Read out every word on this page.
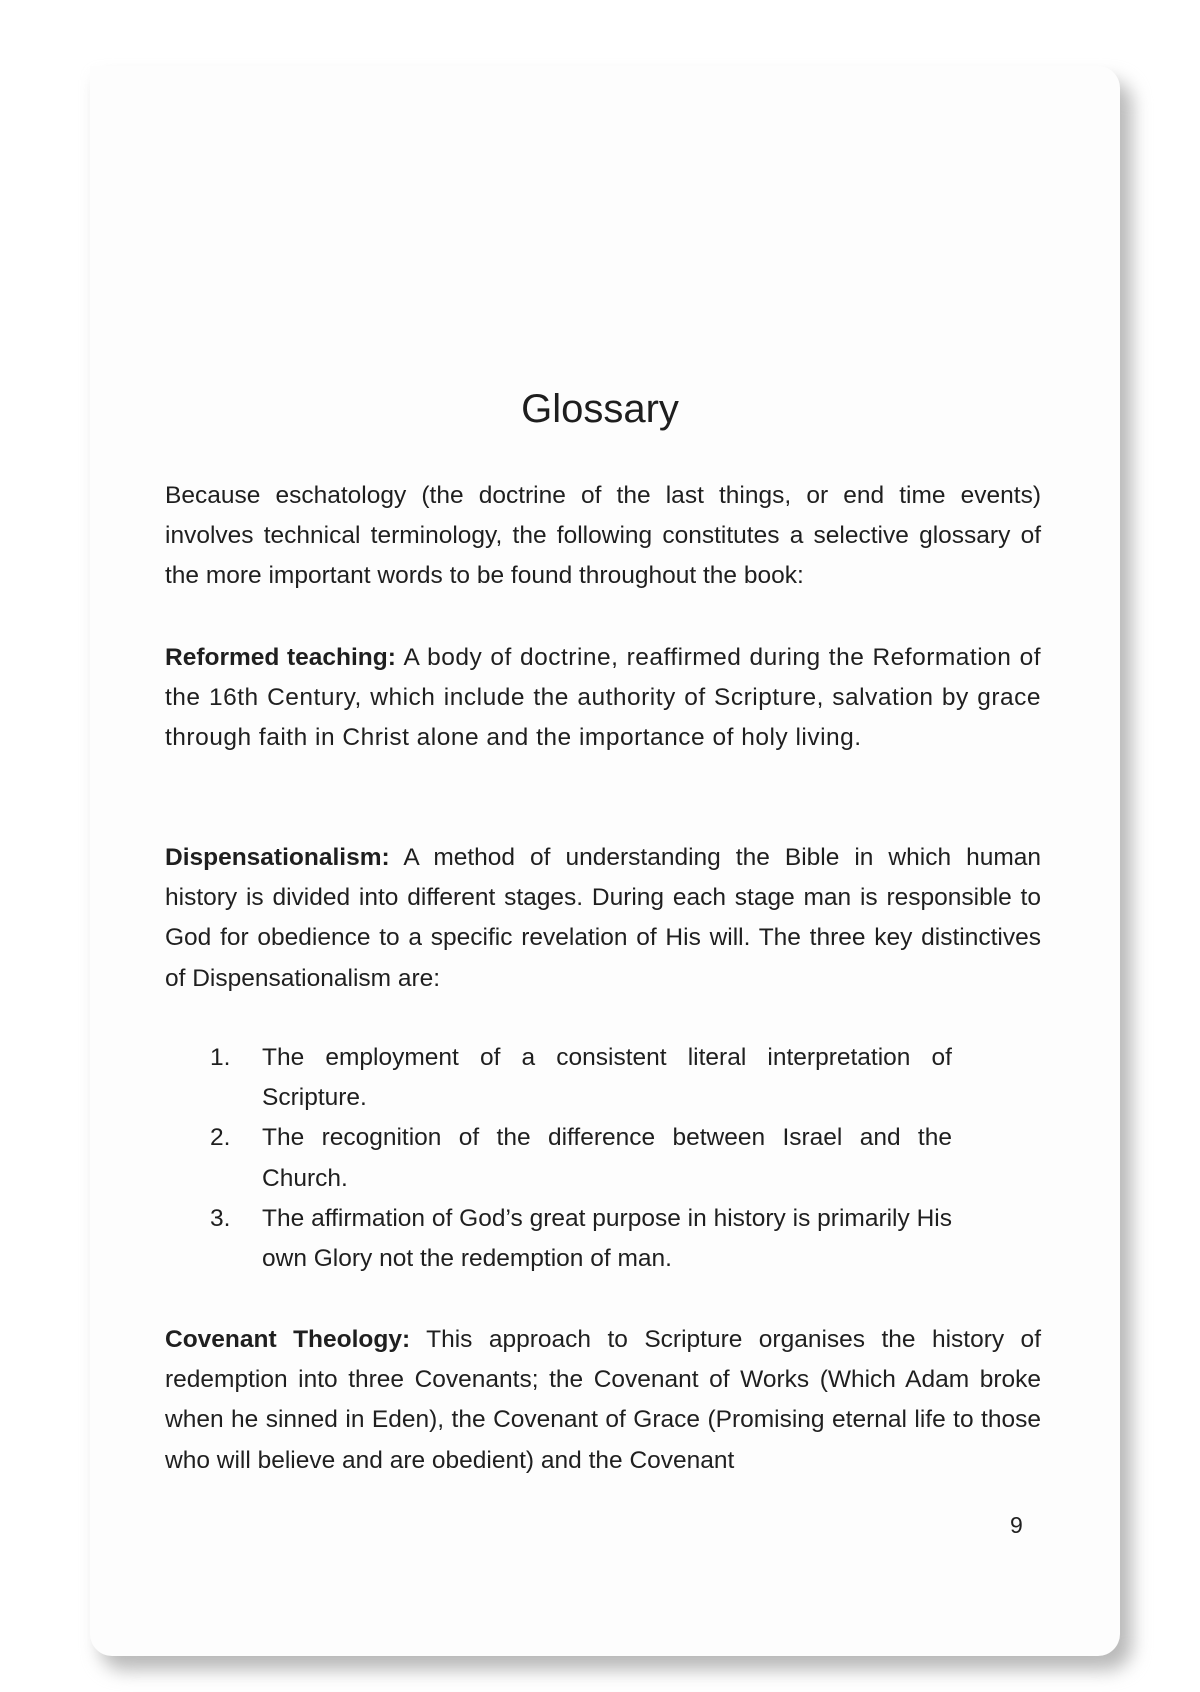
Glossary

Because eschatology (the doctrine of the last things, or end time events) involves technical terminology, the following constitutes a selective glossary of the more important words to be found throughout the book:

Reformed teaching: A body of doctrine, reaffirmed during the Reformation of the 16th Century, which include the authority of Scripture, salvation by grace through faith in Christ alone and the importance of holy living.

Dispensationalism: A method of understanding the Bible in which human history is divided into different stages. During each stage man is responsible to God for obedience to a specific revelation of His will. The three key distinctives of Dispensationalism are:

1.	The employment of a consistent literal interpretation of Scripture.
2.	The recognition of the difference between Israel and the Church.
3.	The affirmation of God’s great purpose in history is primarily His own Glory not the redemption of man.

Covenant Theology: This approach to Scripture organises the history of redemption into three Covenants; the Covenant of Works (Which Adam broke when he sinned in Eden), the Covenant of Grace (Promising eternal life to those who will believe and are obedient) and the Covenant

9
